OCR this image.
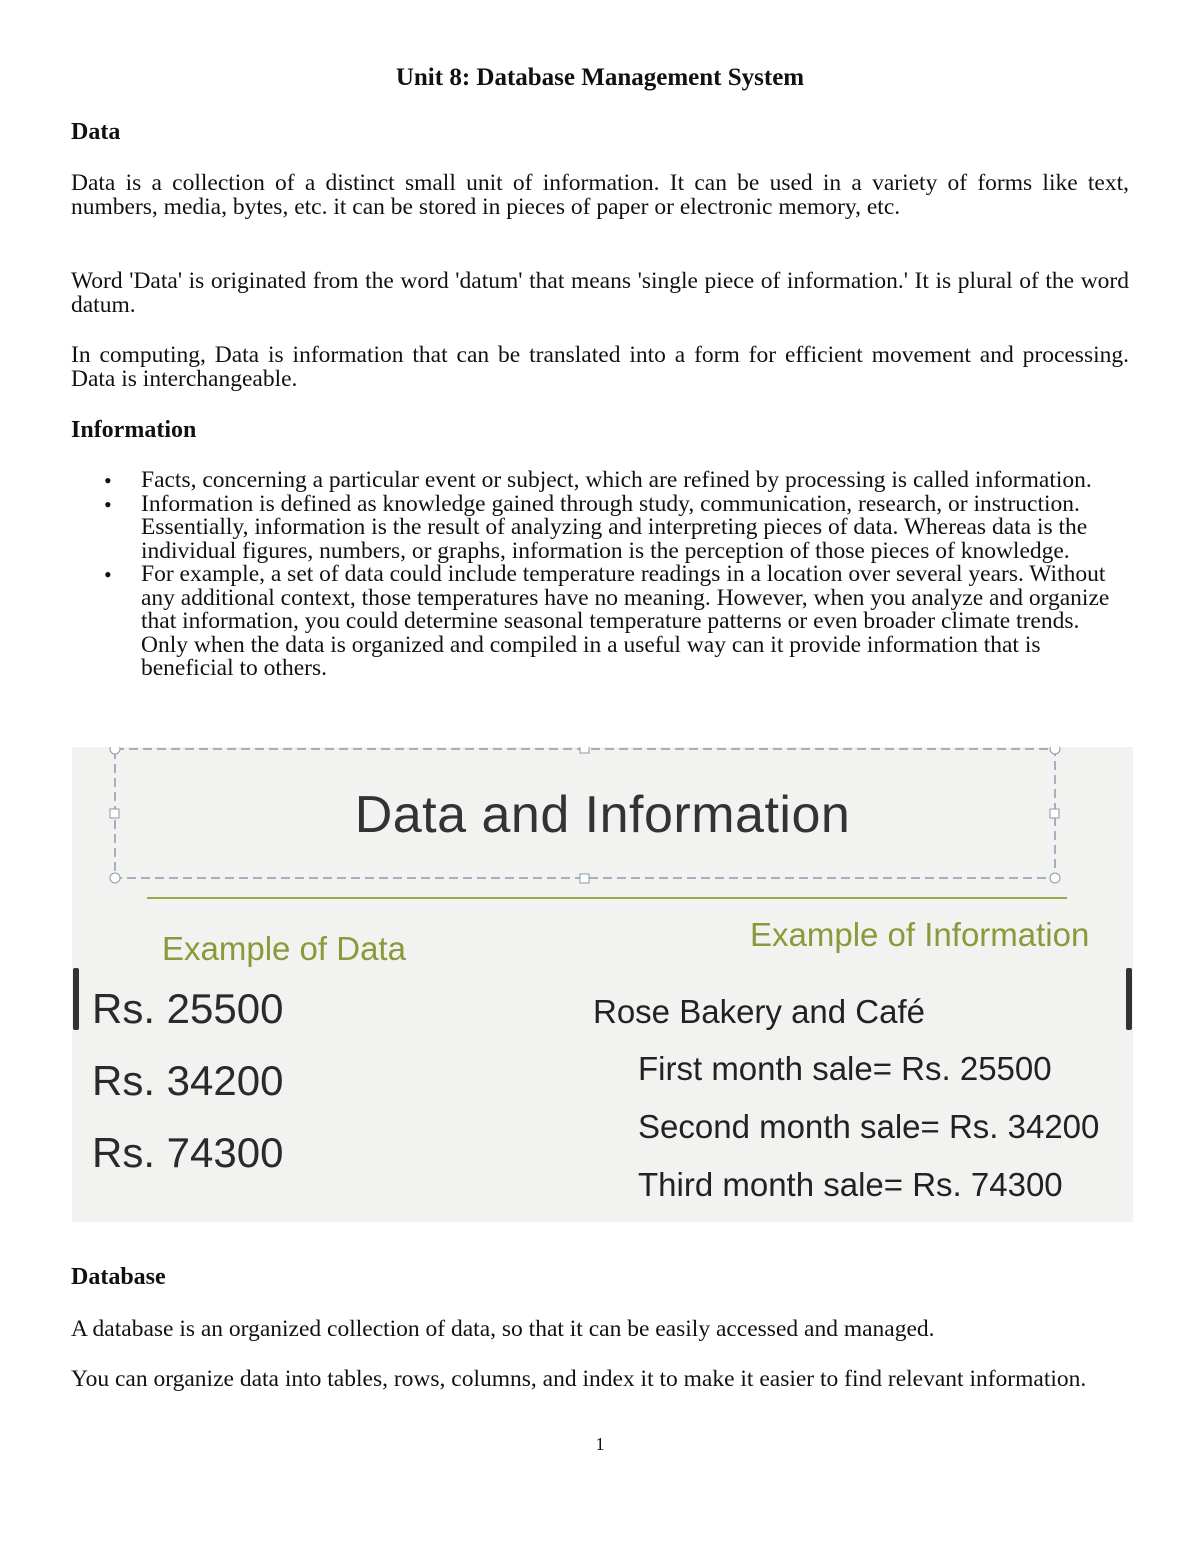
Unit 8: Database Management System
Data

Data is a collection of a distinct small unit of information. It can be used in a variety of forms like text, numbers, media, bytes, etc. it can be stored in pieces of paper or electronic memory, etc.

Word 'Data' is originated from the word 'datum' that means 'single piece of information.' It is plural of the word datum.

In computing, Data is information that can be translated into a form for efficient movement and processing. Data is interchangeable.

Information
• Facts, concerning a particular event or subject, which are refined by processing is called information.
• Information is defined as knowledge gained through study, communication, research, or instruction. Essentially, information is the result of analyzing and interpreting pieces of data. Whereas data is the individual figures, numbers, or graphs, information is the perception of those pieces of knowledge.
• For example, a set of data could include temperature readings in a location over several years. Without any additional context, those temperatures have no meaning. However, when you analyze and organize that information, you could determine seasonal temperature patterns or even broader climate trends. Only when the data is organized and compiled in a useful way can it provide information that is beneficial to others.
Data and Information
Example of Data	Example of Information
Rs. 25500
Rs. 34200
Rs. 74300
Rose Bakery and Café
First month sale= Rs. 25500
Second month sale= Rs. 34200
Third month sale= Rs. 74300
Database

A database is an organized collection of data, so that it can be easily accessed and managed.

You can organize data into tables, rows, columns, and index it to make it easier to find relevant information.

1
